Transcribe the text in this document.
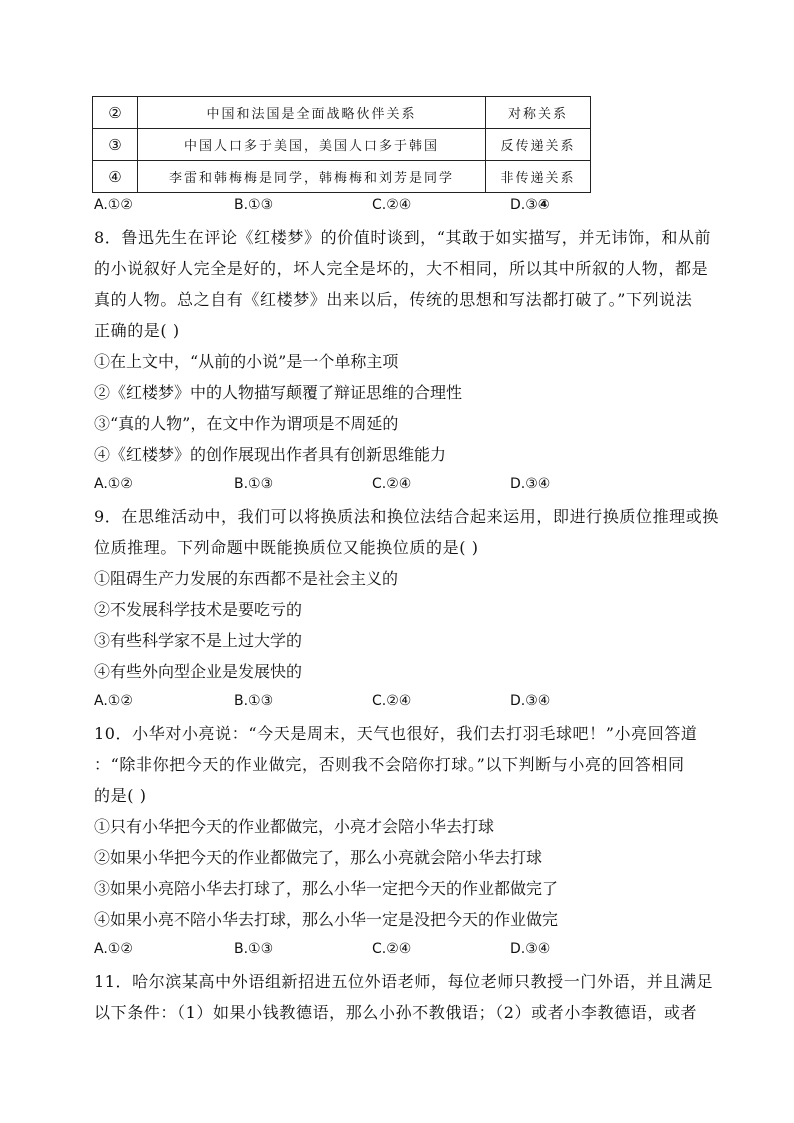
②	中国和法国是全面战略伙伴关系	对称关系
③	中国人口多于美国，美国人口多于韩国	反传递关系
④	李雷和韩梅梅是同学，韩梅梅和刘芳是同学	非传递关系
A.①②	B.①③	C.②④	D.③④
8．鲁迅先生在评论《红楼梦》的价值时谈到，“其敢于如实描写，并无讳饰，和从前
的小说叙好人完全是好的，坏人完全是坏的，大不相同，所以其中所叙的人物，都是
真的人物。总之自有《红楼梦》出来以后，传统的思想和写法都打破了。”下列说法
正确的是( )
①在上文中，“从前的小说”是一个单称主项
②《红楼梦》中的人物描写颠覆了辩证思维的合理性
③“真的人物”，在文中作为谓项是不周延的
④《红楼梦》的创作展现出作者具有创新思维能力
A.①②	B.①③	C.②④	D.③④
9．在思维活动中，我们可以将换质法和换位法结合起来运用，即进行换质位推理或换
位质推理。下列命题中既能换质位又能换位质的是( )
①阻碍生产力发展的东西都不是社会主义的
②不发展科学技术是要吃亏的
③有些科学家不是上过大学的
④有些外向型企业是发展快的
A.①②	B.①③	C.②④	D.③④
10．小华对小亮说：“今天是周末，天气也很好，我们去打羽毛球吧！”小亮回答道
：“除非你把今天的作业做完，否则我不会陪你打球。”以下判断与小亮的回答相同
的是( )
①只有小华把今天的作业都做完，小亮才会陪小华去打球
②如果小华把今天的作业都做完了，那么小亮就会陪小华去打球
③如果小亮陪小华去打球了，那么小华一定把今天的作业都做完了
④如果小亮不陪小华去打球，那么小华一定是没把今天的作业做完
A.①②	B.①③	C.②④	D.③④
11．哈尔滨某高中外语组新招进五位外语老师，每位老师只教授一门外语，并且满足
以下条件：（1）如果小钱教德语，那么小孙不教俄语；（2）或者小李教德语，或者
